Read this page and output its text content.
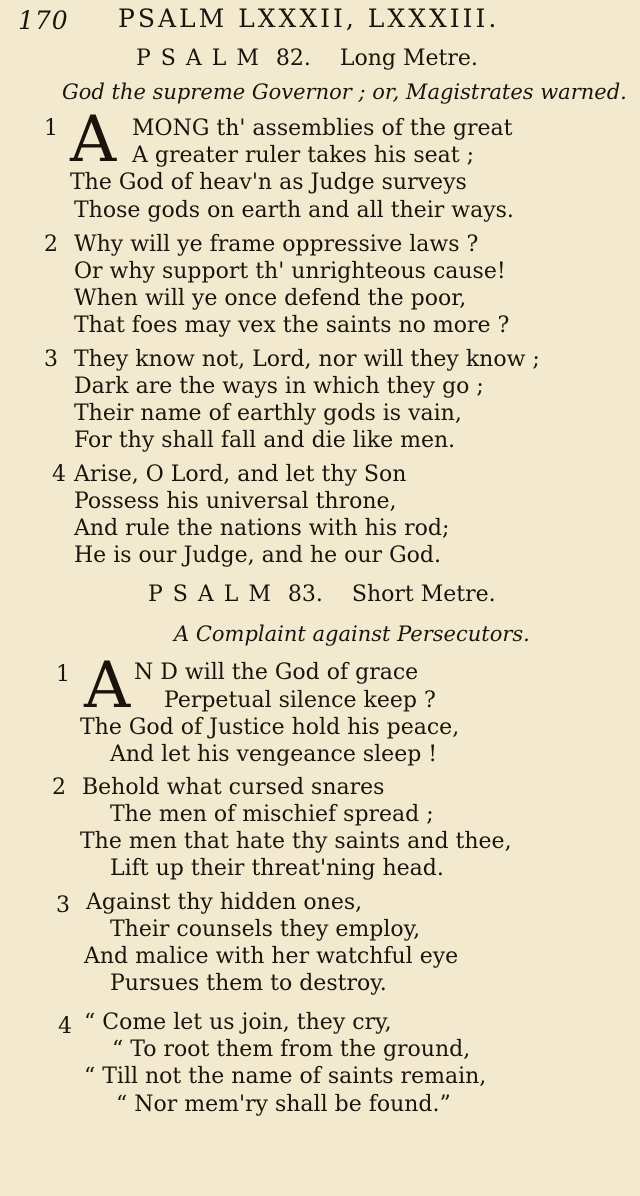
170 PSALM LXXXII, LXXXIII.
PSALM 82. Long Metre.
God the supreme Governor ; or, Magistrates warned.
1 A MONG th' assemblies of the great
A greater ruler takes his seat ;
The God of heav'n as Judge surveys
Those gods on earth and all their ways.
2 Why will ye frame oppressive laws ?
Or why support th' unrighteous cause!
When will ye once defend the poor,
That foes may vex the saints no more ?
3 They know not, Lord, nor will they know ;
Dark are the ways in which they go ;
Their name of earthly gods is vain,
For thy shall fall and die like men.
4 Arise, O Lord, and let thy Son
Possess his universal throne,
And rule the nations with his rod;
He is our Judge, and he our God.
PSALM 83. Short Metre.
A Complaint against Persecutors.
1 A N D will the God of grace
Perpetual silence keep ?
The God of Justice hold his peace,
And let his vengeance sleep !
2 Behold what cursed snares
The men of mischief spread ;
The men that hate thy saints and thee,
Lift up their threat'ning head.
3 Against thy hidden ones,
Their counsels they employ,
And malice with her watchful eye
Pursues them to destroy.
4 “ Come let us join, they cry,
“ To root them from the ground,
“ Till not the name of saints remain,
“ Nor mem'ry shall be found.”
